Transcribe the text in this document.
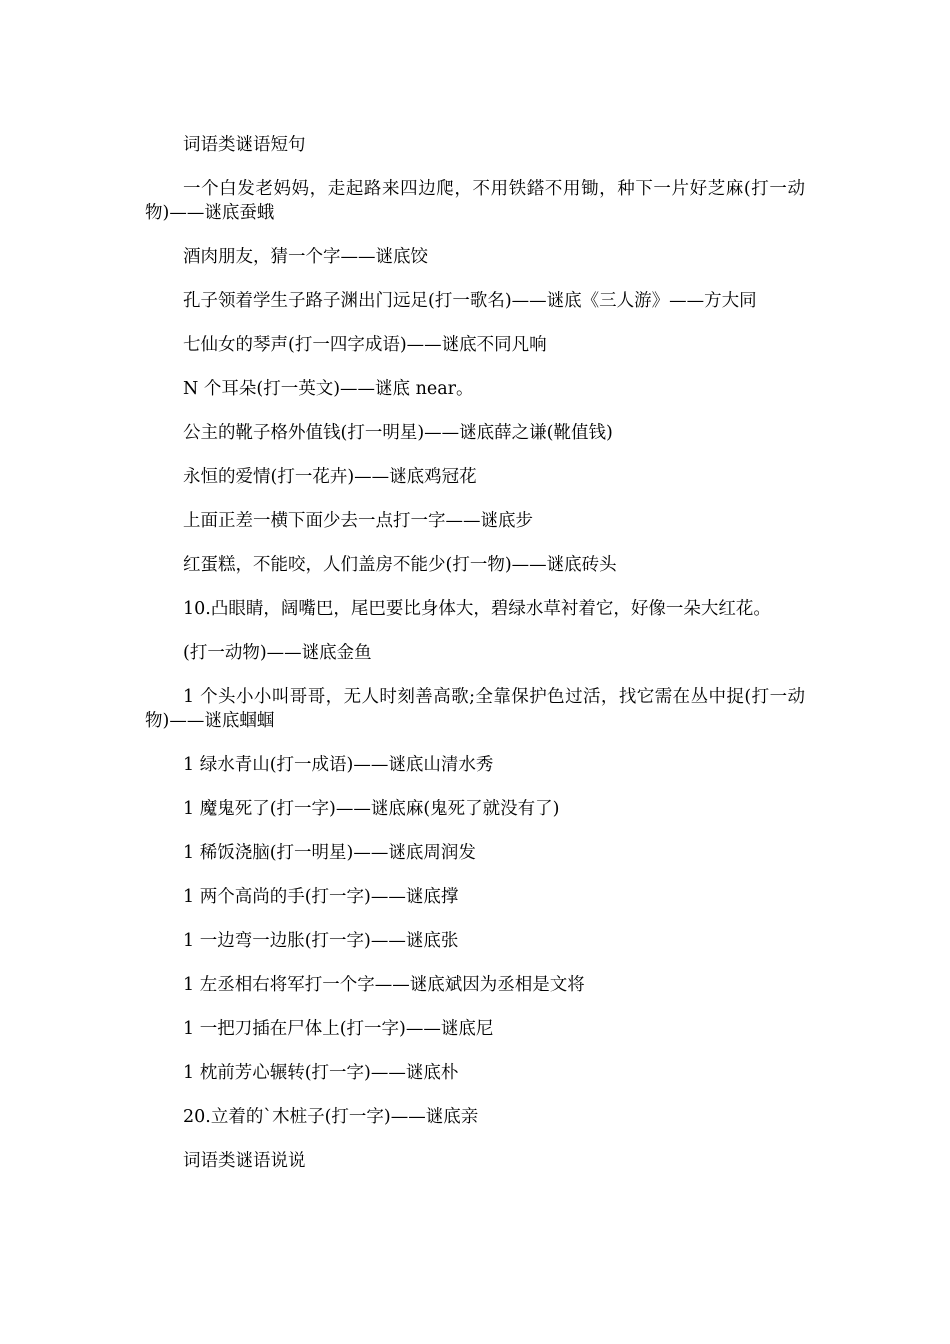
词语类谜语短句

一个白发老妈妈，走起路来四边爬，不用铁鎝不用锄，种下一片好芝麻(打一动物)——谜底蚕蛾

酒肉朋友，猜一个字——谜底饺

孔子领着学生子路子渊出门远足(打一歌名)——谜底《三人游》——方大同

七仙女的琴声(打一四字成语)——谜底不同凡响

N 个耳朵(打一英文)——谜底 near。

公主的靴子格外值钱(打一明星)——谜底薛之谦(靴值钱)

永恒的爱情(打一花卉)——谜底鸡冠花

上面正差一横下面少去一点打一字——谜底步

红蛋糕，不能咬，人们盖房不能少(打一物)——谜底砖头

10.凸眼睛，阔嘴巴，尾巴要比身体大，碧绿水草衬着它，好像一朵大红花。

(打一动物)——谜底金鱼

1 个头小小叫哥哥，无人时刻善高歌;全靠保护色过活，找它需在丛中捉(打一动物)——谜底蝈蝈

1 绿水青山(打一成语)——谜底山清水秀

1 魔鬼死了(打一字)——谜底麻(鬼死了就没有了)

1 稀饭浇脑(打一明星)——谜底周润发

1 两个高尚的手(打一字)——谜底撑

1 一边弯一边胀(打一字)——谜底张

1 左丞相右将军打一个字——谜底斌因为丞相是文将

1 一把刀插在尸体上(打一字)——谜底尼

1 枕前芳心辗转(打一字)——谜底朴

20.立着的`木桩子(打一字)——谜底亲

词语类谜语说说
